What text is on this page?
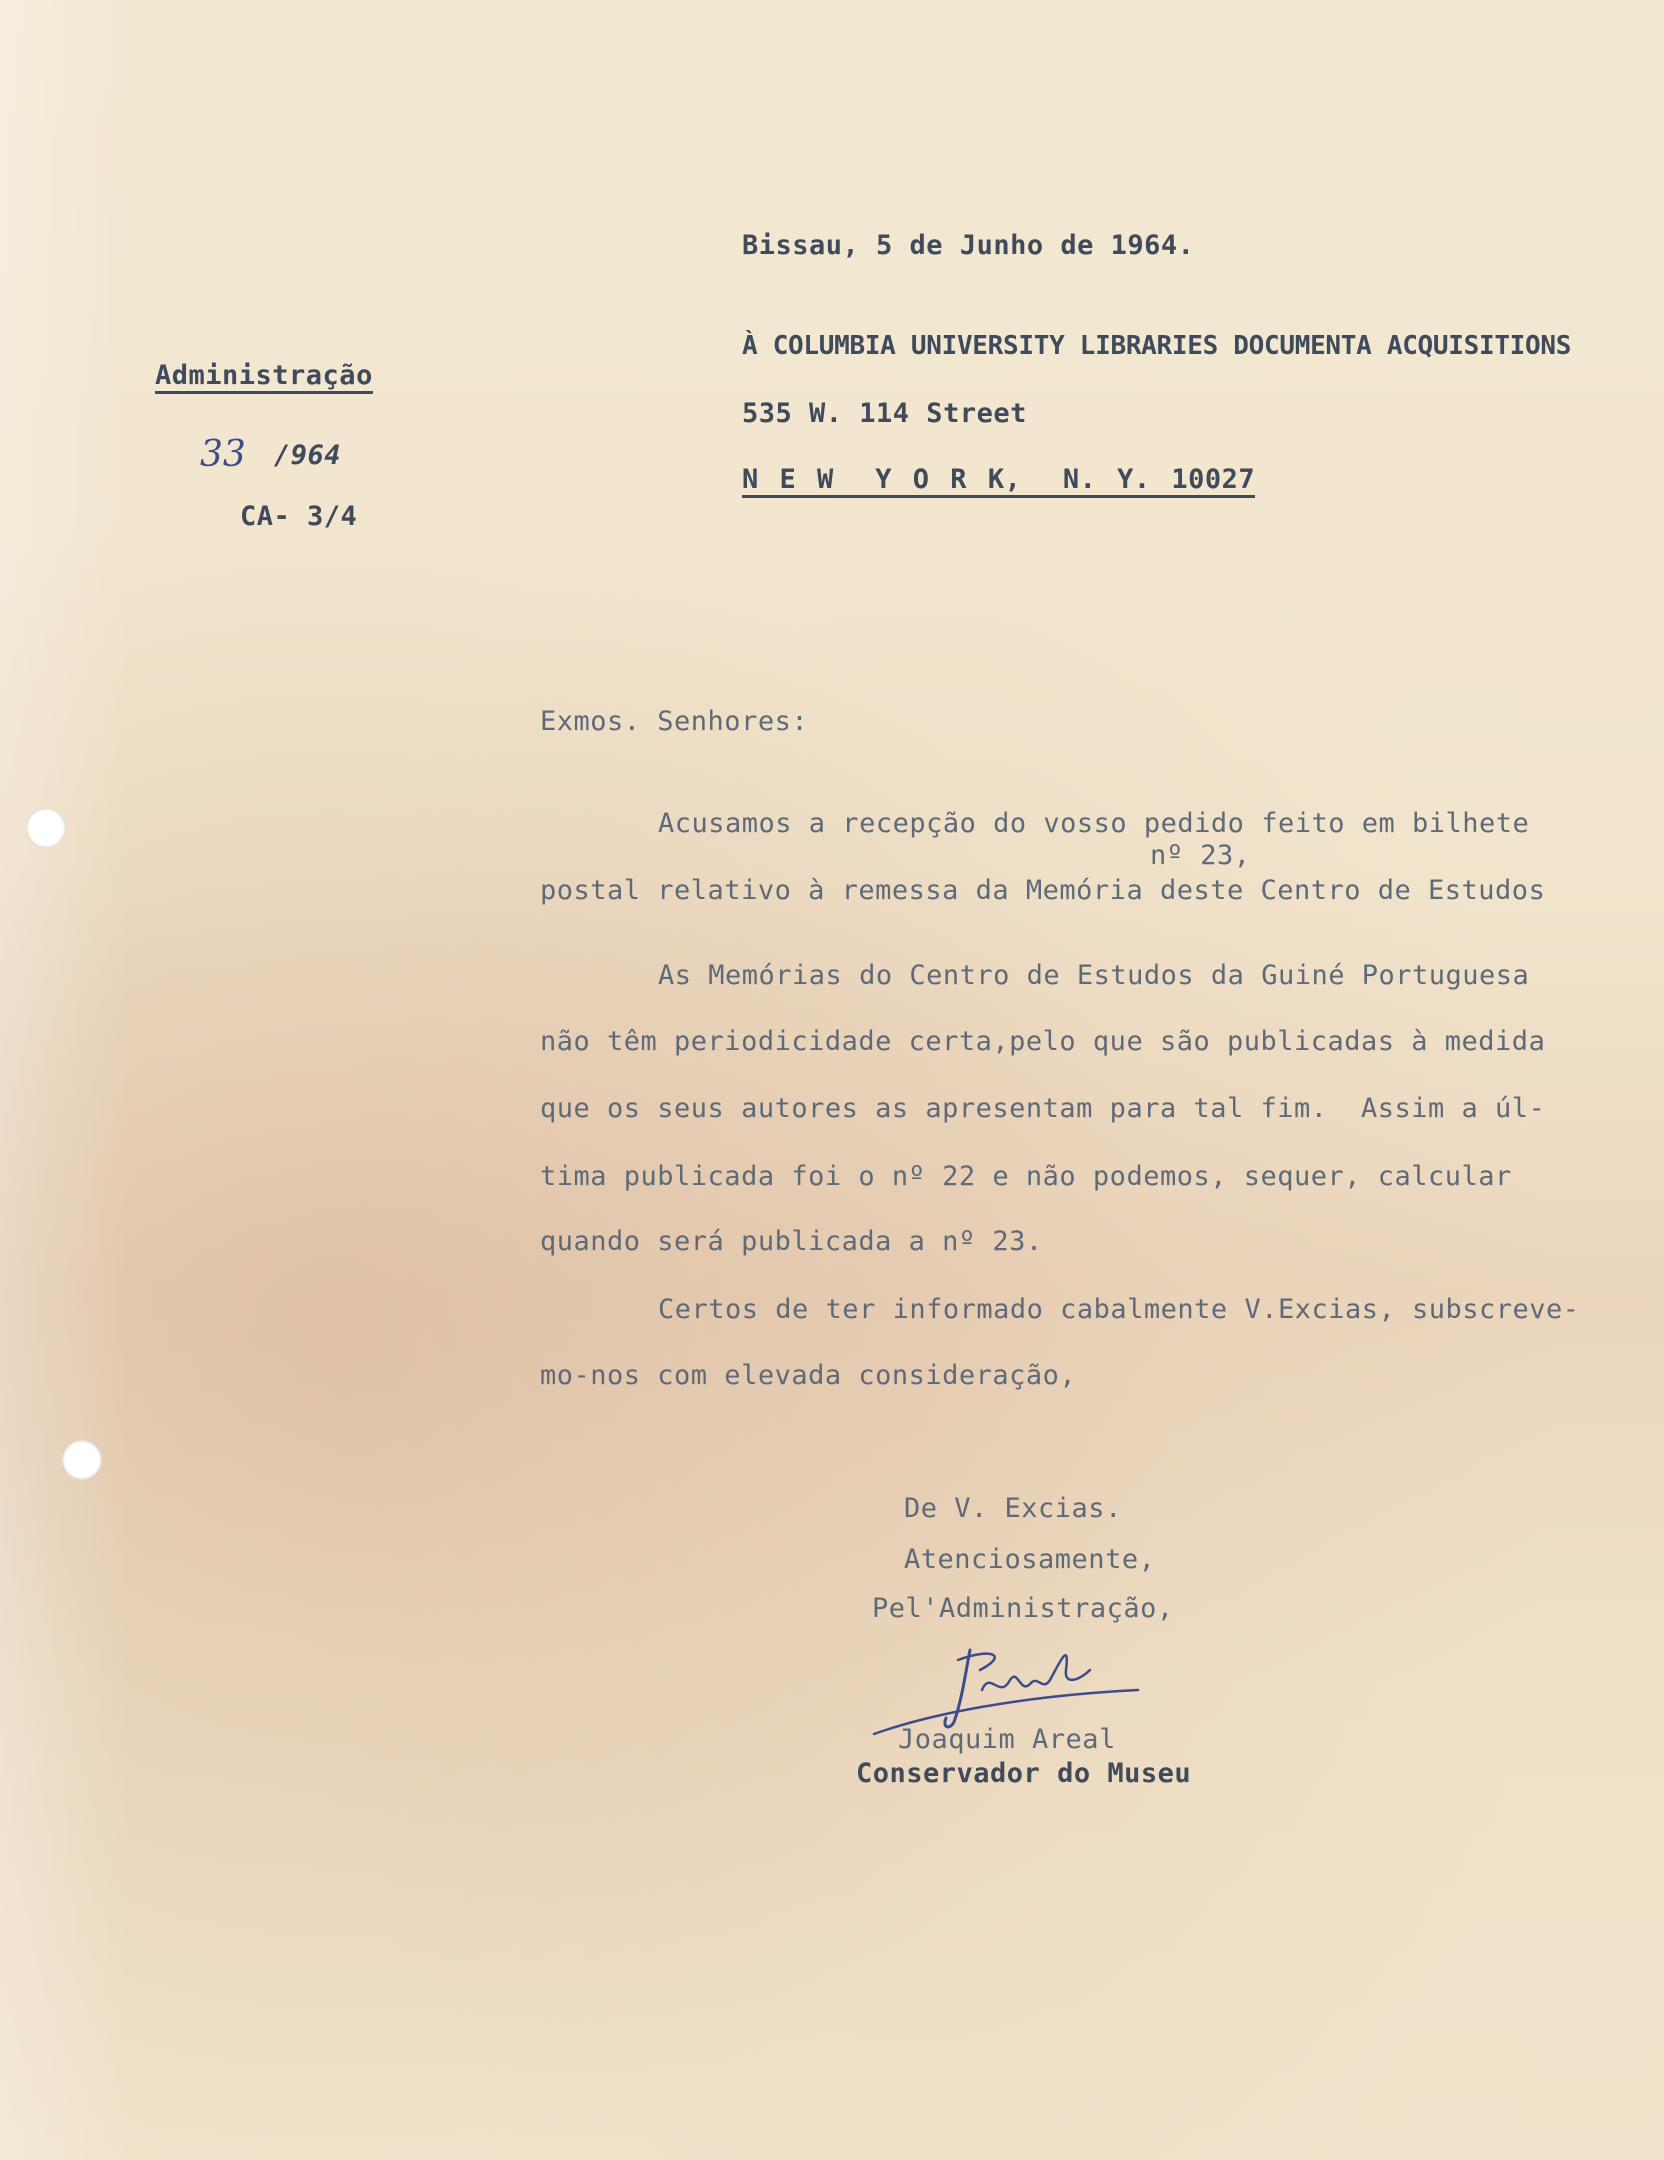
Administração
33 /964
CA- 3/4
Bissau, 5 de Junho de 1964.
À COLUMBIA UNIVERSITY LIBRARIES DOCUMENTA ACQUISITIONS
535 W. 114 Street
N E W  Y O R K,  N. Y. 10027
Exmos. Senhores:
Acusamos a recepção do vosso pedido feito em bilhete
nº 23,
postal relativo à remessa da Memória deste Centro de Estudos
As Memórias do Centro de Estudos da Guiné Portuguesa
não têm periodicidade certa,pelo que são publicadas à medida
que os seus autores as apresentam para tal fim.  Assim a úl-
tima publicada foi o nº 22 e não podemos, sequer, calcular
quando será publicada a nº 23.
Certos de ter informado cabalmente V.Excias, subscreve-
mo-nos com elevada consideração,
De V. Excias.
Atenciosamente,
Pel'Administração,
Joaquim Areal
Conservador do Museu
